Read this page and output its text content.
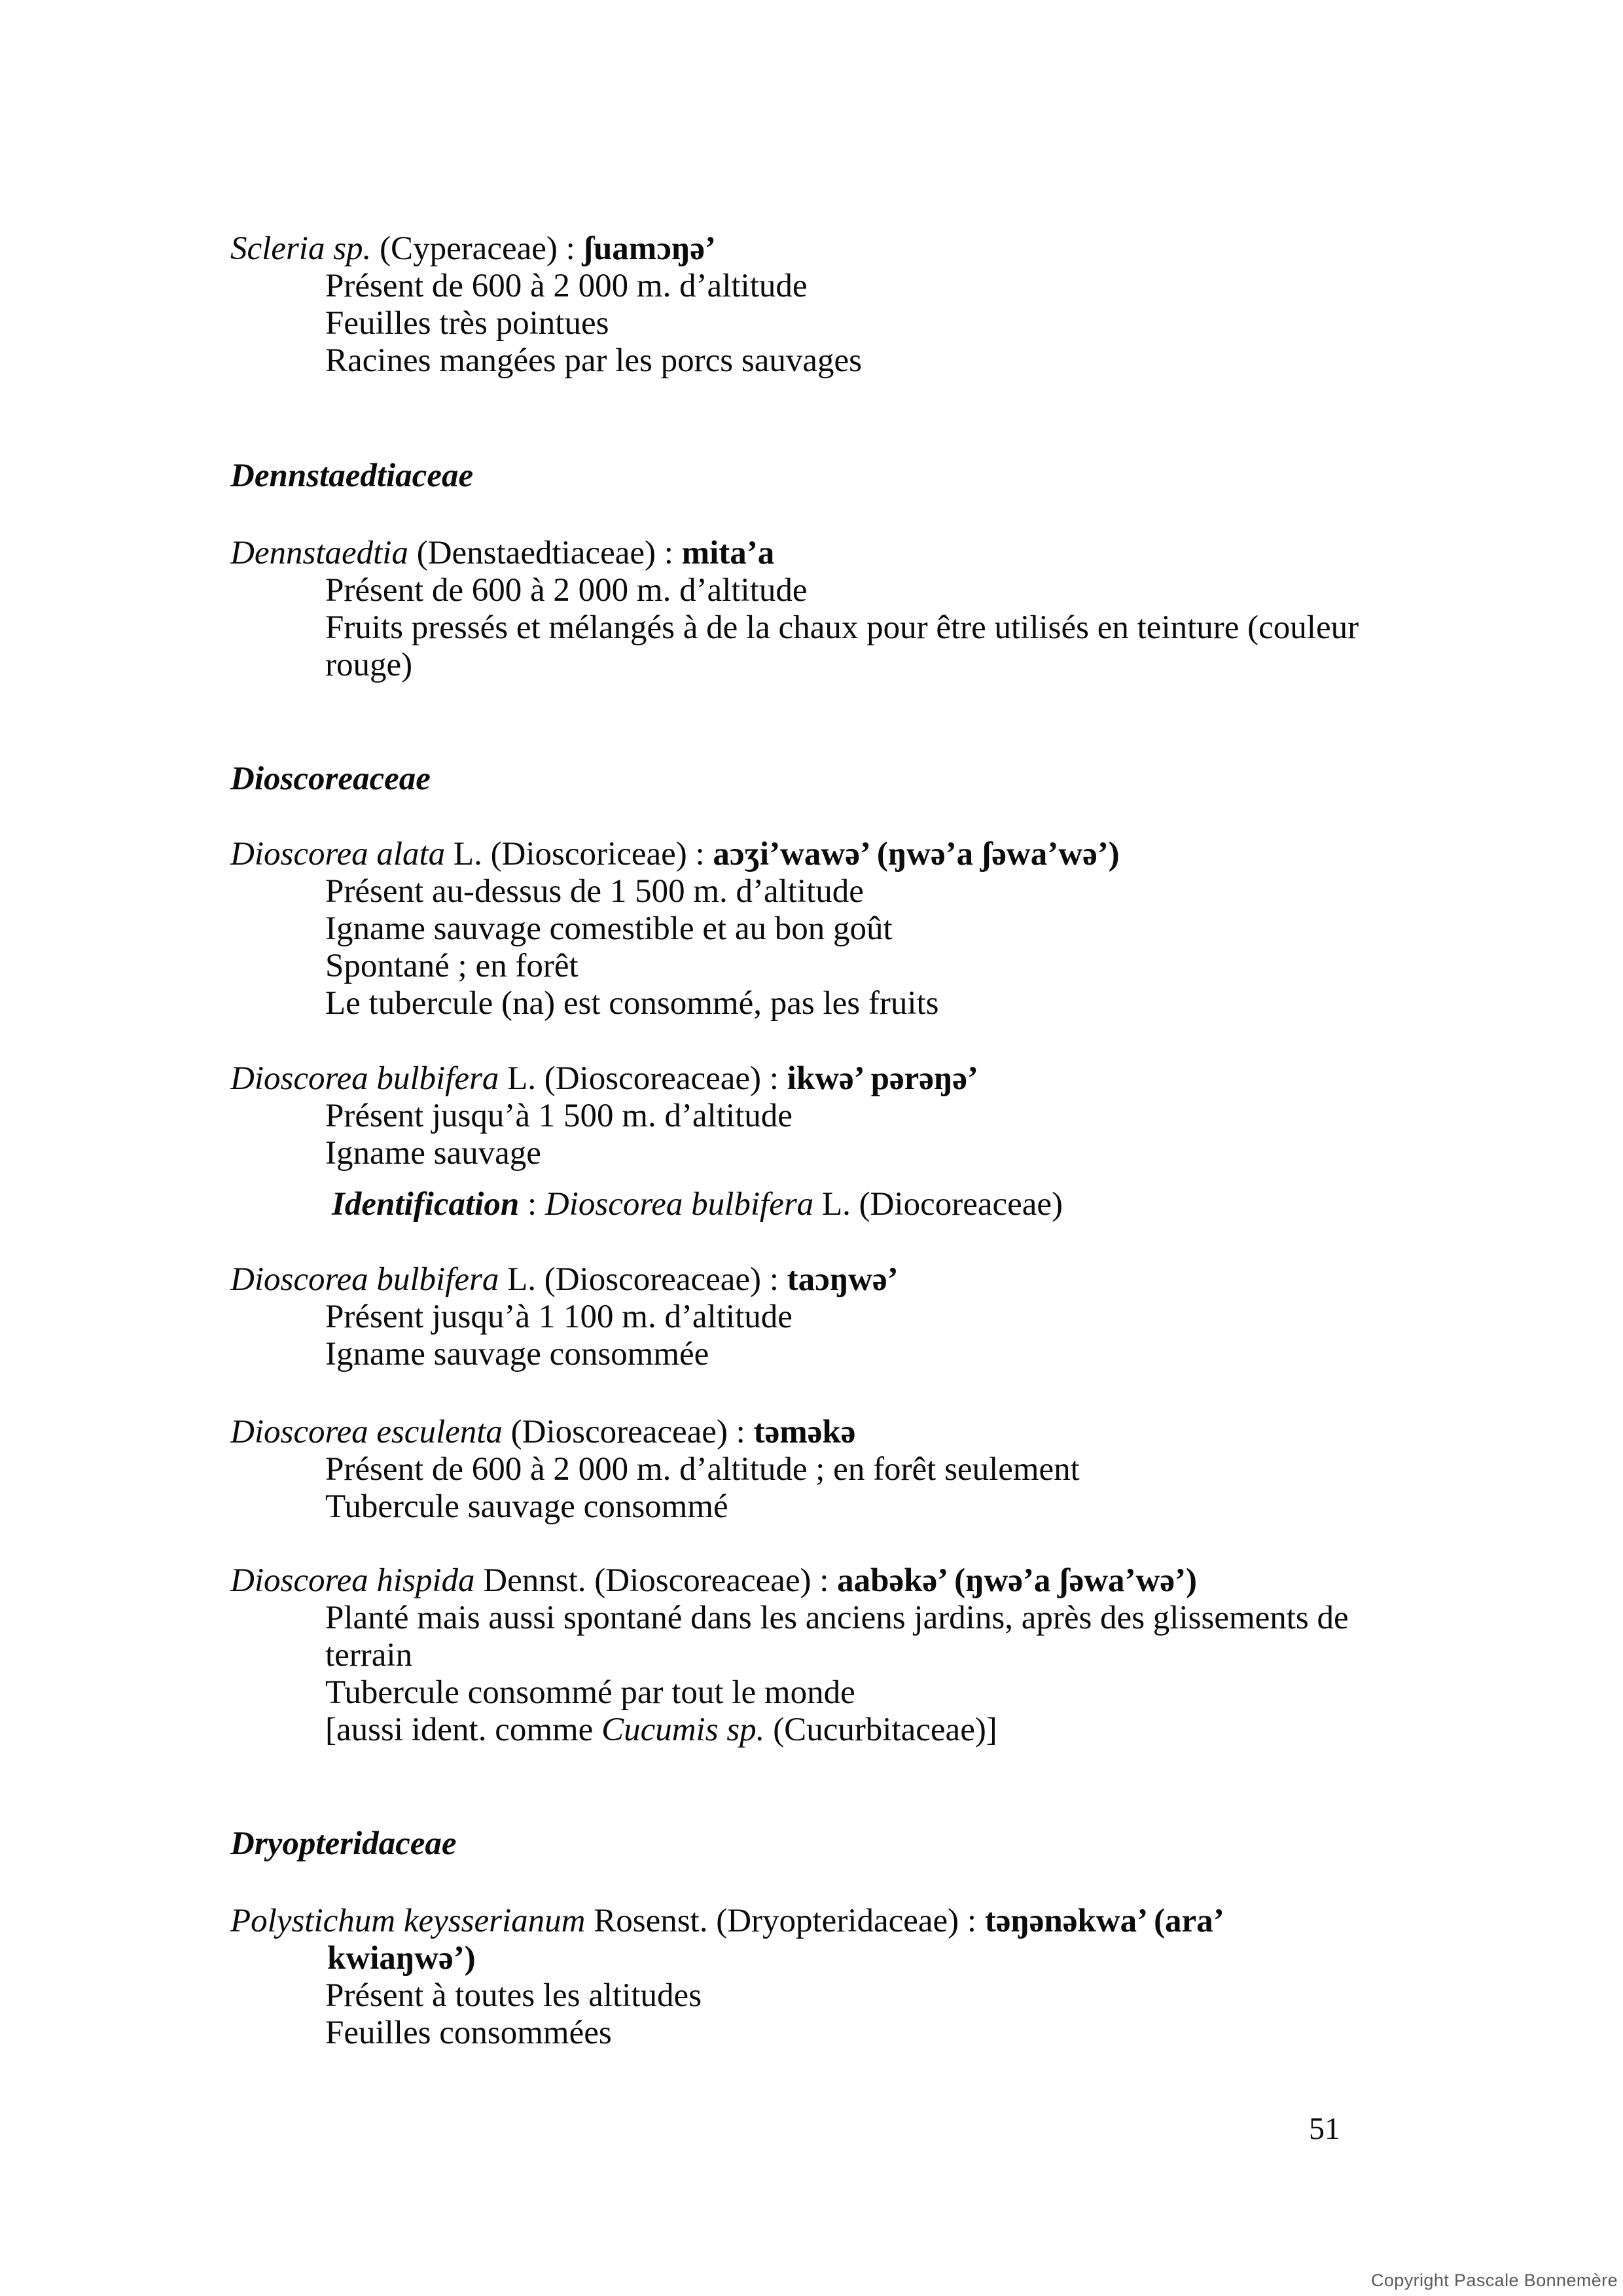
Scleria sp. (Cyperaceae) : ʃuamɔŋə’
Présent de 600 à 2 000 m. d’altitude
Feuilles très pointues
Racines mangées par les porcs sauvages
Dennstaedtiaceae
Dennstaedtia (Denstaedtiaceae) : mita’a
Présent de 600 à 2 000 m. d’altitude
Fruits pressés et mélangés à de la chaux pour être utilisés en teinture (couleur
rouge)
Dioscoreaceae
Dioscorea alata L. (Dioscoriceae) : aɔʒi’wawə’ (ŋwə’a ʃəwa’wə’)
Présent au-dessus de 1 500 m. d’altitude
Igname sauvage comestible et au bon goût
Spontané ; en forêt
Le tubercule (na) est consommé, pas les fruits
Dioscorea bulbifera L. (Dioscoreaceae) : ikwə’ pərəŋə’
Présent jusqu’à 1 500 m. d’altitude
Igname sauvage
Identification : Dioscorea bulbifera L. (Diocoreaceae)
Dioscorea bulbifera L. (Dioscoreaceae) : taɔŋwə’
Présent jusqu’à 1 100 m. d’altitude
Igname sauvage consommée
Dioscorea esculenta (Dioscoreaceae) : təməkə
Présent de 600 à 2 000 m. d’altitude ; en forêt seulement
Tubercule sauvage consommé
Dioscorea hispida Dennst. (Dioscoreaceae) : aabəkə’ (ŋwə’a ʃəwa’wə’)
Planté mais aussi spontané dans les anciens jardins, après des glissements de
terrain
Tubercule consommé par tout le monde
[aussi ident. comme Cucumis sp. (Cucurbitaceae)]
Dryopteridaceae
Polystichum keysserianum Rosenst. (Dryopteridaceae) : təŋənəkwa’ (ara’
kwiaŋwə’)
Présent à toutes les altitudes
Feuilles consommées
51
Copyright Pascale Bonnemère
